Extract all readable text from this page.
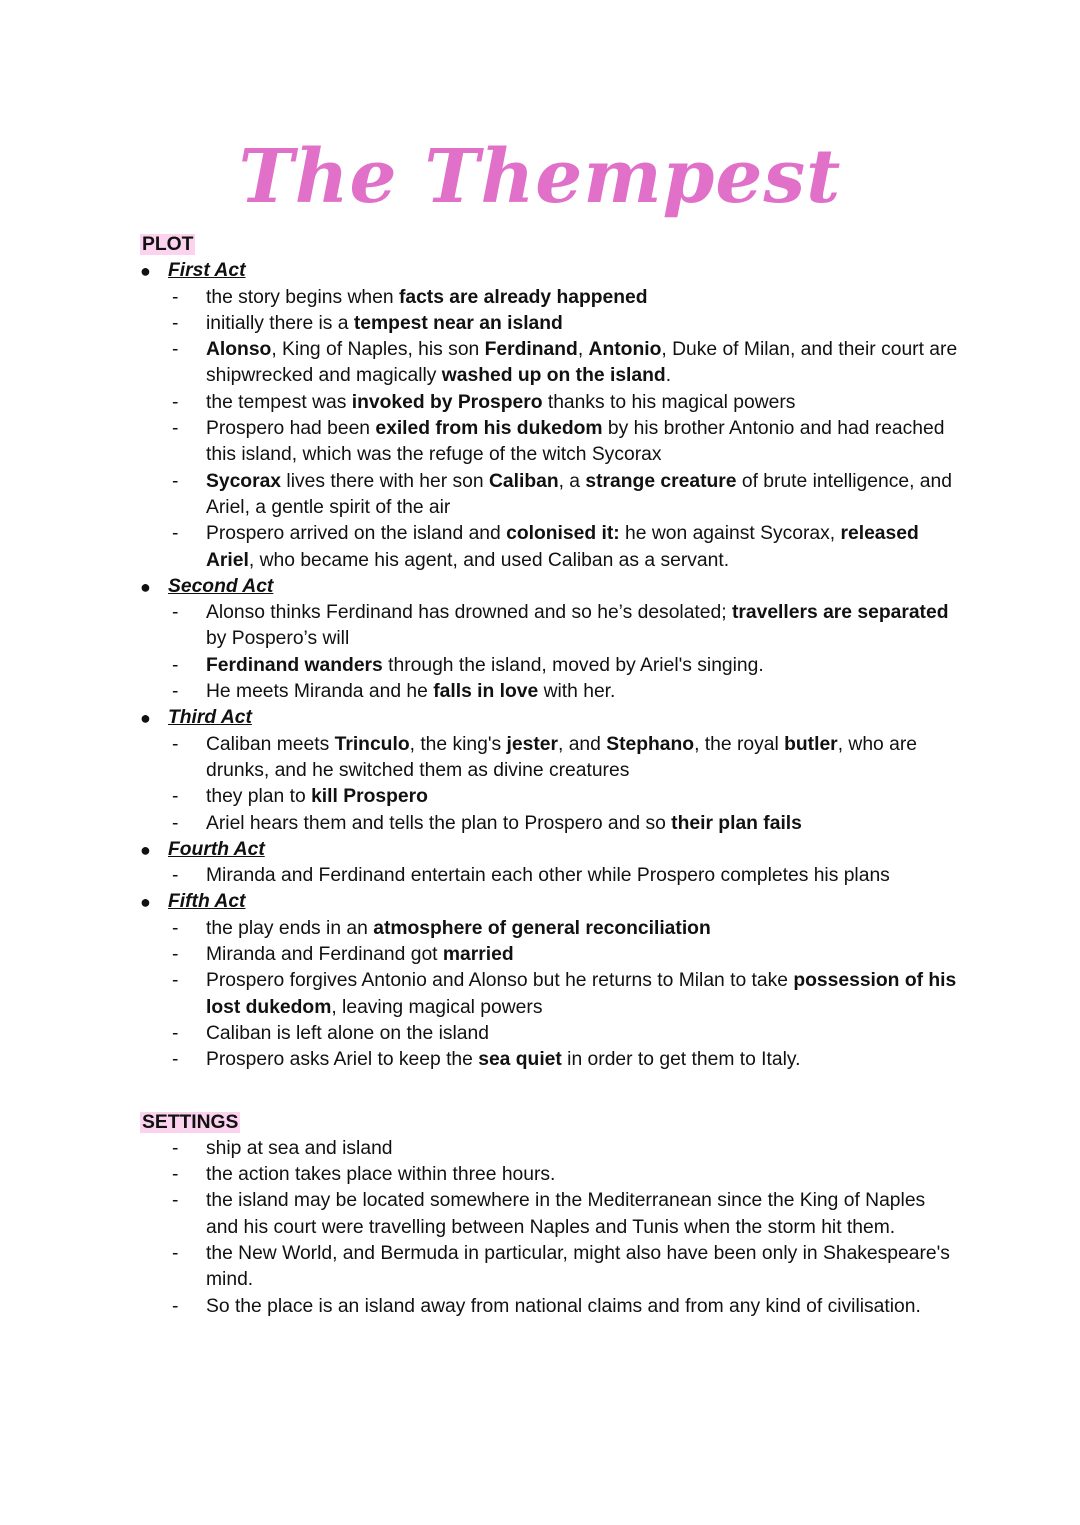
The Thempest
PLOT
● First Act
- the story begins when facts are already happened
- initially there is a tempest near an island
- Alonso, King of Naples, his son Ferdinand, Antonio, Duke of Milan, and their court are shipwrecked and magically washed up on the island.
- the tempest was invoked by Prospero thanks to his magical powers
- Prospero had been exiled from his dukedom by his brother Antonio and had reached this island, which was the refuge of the witch Sycorax
- Sycorax lives there with her son Caliban, a strange creature of brute intelligence, and Ariel, a gentle spirit of the air
- Prospero arrived on the island and colonised it: he won against Sycorax, released Ariel, who became his agent, and used Caliban as a servant.
● Second Act
- Alonso thinks Ferdinand has drowned and so he’s desolated; travellers are separated by Pospero’s will
- Ferdinand wanders through the island, moved by Ariel's singing.
- He meets Miranda and he falls in love with her.
● Third Act
- Caliban meets Trinculo, the king's jester, and Stephano, the royal butler, who are drunks, and he switched them as divine creatures
- they plan to kill Prospero
- Ariel hears them and tells the plan to Prospero and so their plan fails
● Fourth Act
- Miranda and Ferdinand entertain each other while Prospero completes his plans
● Fifth Act
- the play ends in an atmosphere of general reconciliation
- Miranda and Ferdinand got married
- Prospero forgives Antonio and Alonso but he returns to Milan to take possession of his lost dukedom, leaving magical powers
- Caliban is left alone on the island
- Prospero asks Ariel to keep the sea quiet in order to get them to Italy.
SETTINGS
- ship at sea and island
- the action takes place within three hours.
- the island may be located somewhere in the Mediterranean since the King of Naples and his court were travelling between Naples and Tunis when the storm hit them.
- the New World, and Bermuda in particular, might also have been only in Shakespeare's mind.
- So the place is an island away from national claims and from any kind of civilisation.
